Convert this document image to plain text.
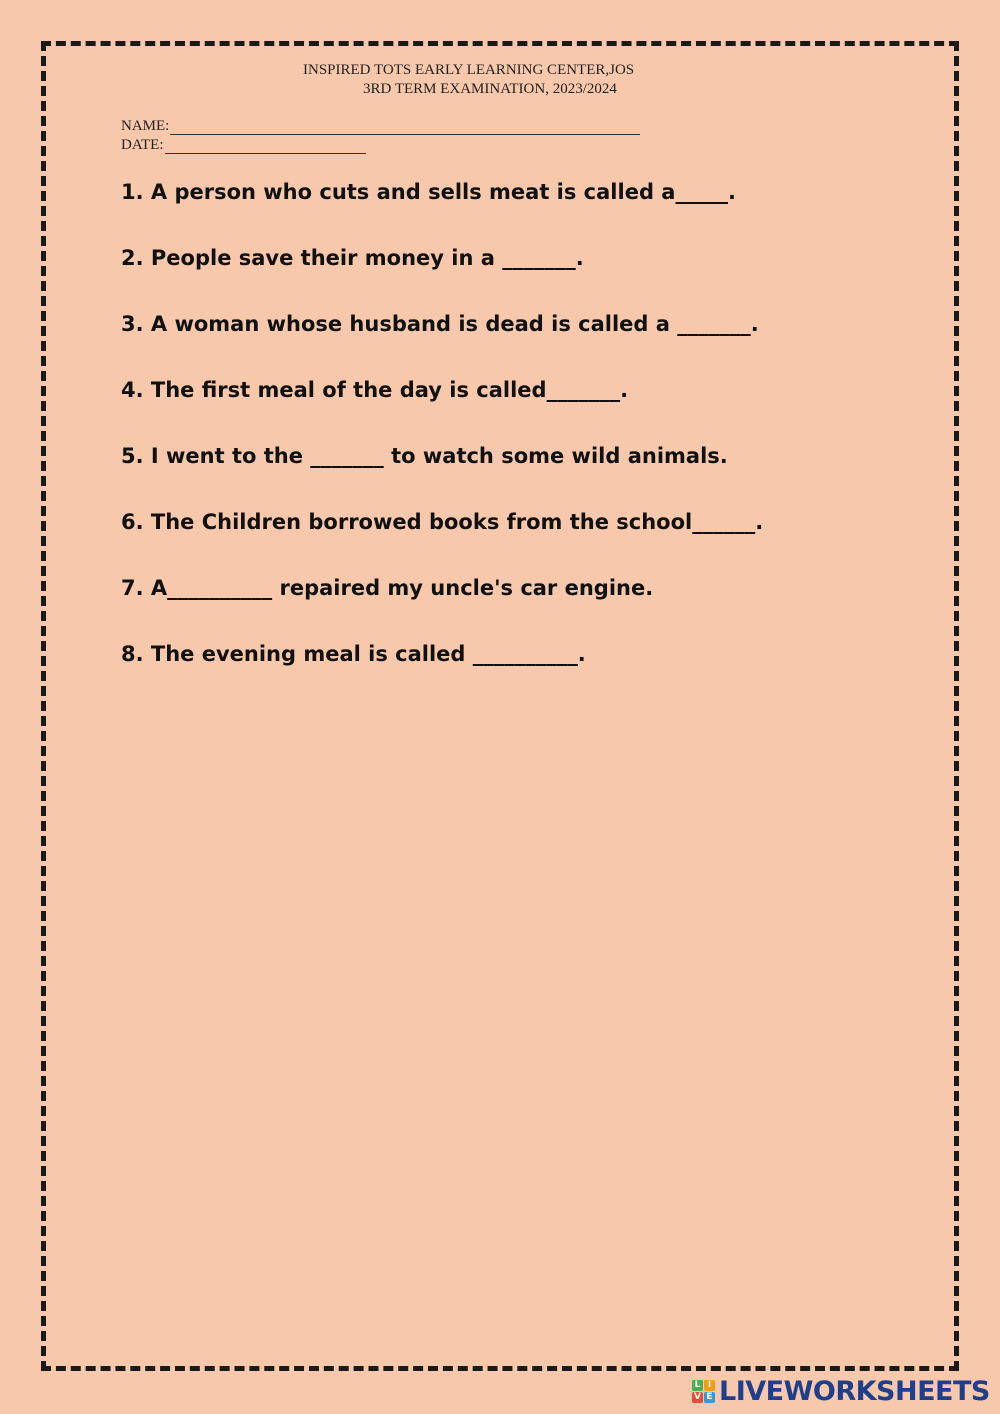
INSPIRED TOTS EARLY LEARNING CENTER,JOS
3RD TERM EXAMINATION, 2023/2024
NAME:
DATE:
1. A person who cuts and sells meat is called a_____.
2. People save their money in a _______.
3. A woman whose husband is dead is called a _______.
4. The first meal of the day is called_______.
5. I went to the _______ to watch some wild animals.
6. The Children borrowed books from the school______.
7. A__________ repaired my uncle's car engine.
8. The evening meal is called __________.
L I
V E LIVEWORKSHEETS
